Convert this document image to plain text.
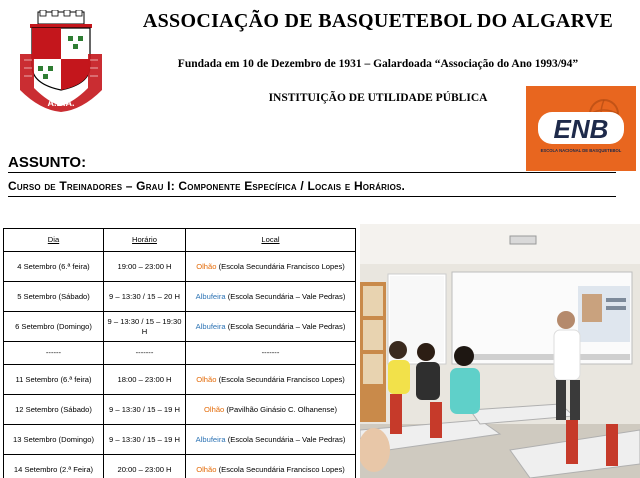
A.B.A.
ASSOCIAÇÃO DE BASQUETEBOL DO ALGARVE
Fundada em 10 de Dezembro de 1931 – Galardoada “Associação do Ano 1993/94”
INSTITUIÇÃO DE UTILIDADE PÚBLICA
ENB
ESCOLA NACIONAL DE BASQUETEBOL
ASSUNTO:
Curso de Treinadores – Grau I: Componente Específica / Locais e Horários.
Dia	Horário	Local
4 Setembro (6.ª feira)	19:00 – 23:00 H	Olhão (Escola Secundária Francisco Lopes)
5 Setembro (Sábado)	9 – 13:30 / 15 – 20 H	Albufeira (Escola Secundária – Vale Pedras)
6 Setembro (Domingo)	9 – 13:30 / 15 – 19:30 H	Albufeira (Escola Secundária – Vale Pedras)
------	-------	-------
11 Setembro (6.ª feira)	18:00 – 23:00 H	Olhão (Escola Secundária Francisco Lopes)
12 Setembro (Sábado)	9 – 13:30 / 15 – 19 H	Olhão (Pavilhão Ginásio C. Olhanense)
13 Setembro (Domingo)	9 – 13:30 / 15 – 19 H	Albufeira (Escola Secundária – Vale Pedras)
14 Setembro (2.ª Feira)	20:00 – 23:00 H	Olhão (Escola Secundária Francisco Lopes)
